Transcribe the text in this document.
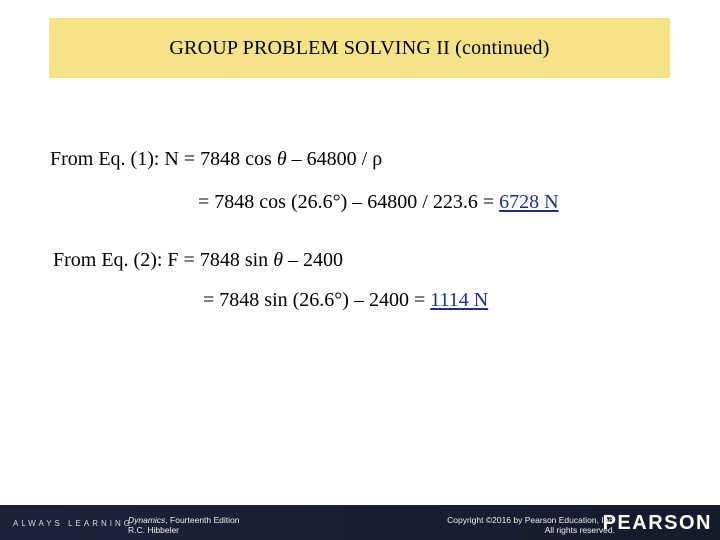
GROUP PROBLEM SOLVING II (continued)
From Eq. (1): N = 7848 cos θ – 64800 / ρ
= 7848 cos (26.6°) – 64800 / 223.6 = 6728 N
From Eq. (2): F = 7848 sin θ – 2400
= 7848 sin (26.6°) – 2400 = 1114 N
ALWAYS LEARNING
Dynamics, Fourteenth Edition
R.C. Hibbeler
Copyright ©2016 by Pearson Education, Inc.
All rights reserved.
PEARSON
